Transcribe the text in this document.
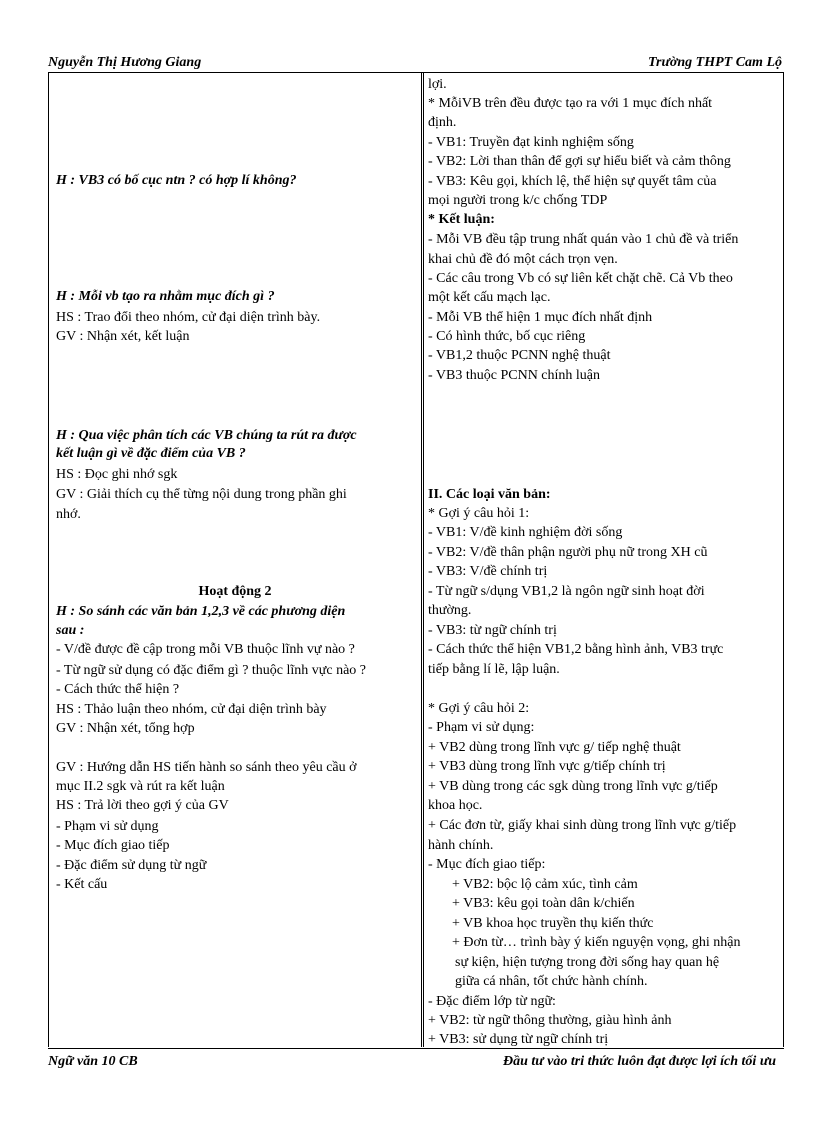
Nguyễn Thị Hương Giang	Trường THPT Cam Lộ
H : VB3 có bố cục ntn ? có hợp lí không?
H : Mỗi vb tạo ra nhằm mục đích gì ?
HS : Trao đổi theo nhóm, cử đại diện trình bày.
GV : Nhận xét, kết luận
H : Qua việc phân tích các VB chúng ta rút ra được
kết luận gì về đặc điểm của VB ?
HS : Đọc ghi nhớ sgk
GV : Giải thích cụ thể từng nội dung trong phần ghi
nhớ.
Hoạt động 2
H : So sánh các văn bản 1,2,3 về các phương diện
sau :
- V/đề được đề cập trong mỗi VB thuộc lĩnh vự nào ?
- Từ ngữ sử dụng có đặc điểm gì ? thuộc lĩnh vực nào ?
- Cách thức thể hiện ?
HS : Thảo luận theo nhóm, cử đại diện trình bày
GV : Nhận xét, tổng hợp
GV : Hướng dẫn HS tiến hành so sánh theo yêu cầu ở
mục II.2 sgk và rút ra kết luận
HS : Trả lời theo gợi ý của GV
- Phạm vi sử dụng
- Mục đích giao tiếp
- Đặc điểm sử dụng từ ngữ
- Kết cấu
lợi.
* MỗiVB trên đều được tạo ra với 1 mục đích nhất
định.
- VB1: Truyền đạt kinh nghiệm sống
- VB2: Lời than thân để gợi sự hiểu biết và cảm thông
- VB3: Kêu gọi, khích lệ, thể hiện sự quyết tâm của
mọi người trong k/c chống TDP
* Kết luận:
- Mỗi VB đều tập trung nhất quán vào 1 chủ đề và triển
khai chủ đề đó một cách trọn vẹn.
- Các câu trong Vb có sự liên kết chặt chẽ. Cả Vb theo
một kết cấu mạch lạc.
- Mỗi VB thể hiện 1 mục đích nhất định
- Có hình thức, bố cục riêng
- VB1,2 thuộc PCNN nghệ thuật
- VB3 thuộc PCNN chính luận
II. Các loại văn bản:
* Gợi ý câu hỏi 1:
- VB1: V/đề kinh nghiệm đời sống
- VB2: V/đề thân phận người phụ nữ trong XH cũ
- VB3: V/đề chính trị
- Từ ngữ s/dụng VB1,2 là ngôn ngữ sinh hoạt đời
thường.
- VB3: từ ngữ chính trị
- Cách thức thể hiện VB1,2 bằng hình ảnh, VB3 trực
tiếp bằng lí lẽ, lập luận.
* Gợi ý câu hỏi 2:
- Phạm vi sử dụng:
+ VB2 dùng trong lĩnh vực g/ tiếp nghệ thuật
+ VB3 dùng trong lĩnh vực g/tiếp chính trị
+ VB dùng trong các sgk dùng trong lĩnh vực g/tiếp
khoa học.
+ Các đơn từ, giấy khai sinh dùng trong lĩnh vực g/tiếp
hành chính.
- Mục đích giao tiếp:
+ VB2: bộc lộ cảm xúc, tình cảm
+ VB3: kêu gọi toàn dân k/chiến
+ VB khoa học truyền thụ kiến thức
+ Đơn từ… trình bày ý kiến nguyện vọng, ghi nhận
sự kiện, hiện tượng trong đời sống hay quan hệ
giữa cá nhân, tốt chức hành chính.
- Đặc điểm lớp từ ngữ:
+ VB2: từ ngữ thông thường, giàu hình ảnh
+ VB3: sử dụng từ ngữ chính trị
Ngữ văn 10 CB	Đầu tư vào tri thức luôn đạt được lợi ích tối ưu
